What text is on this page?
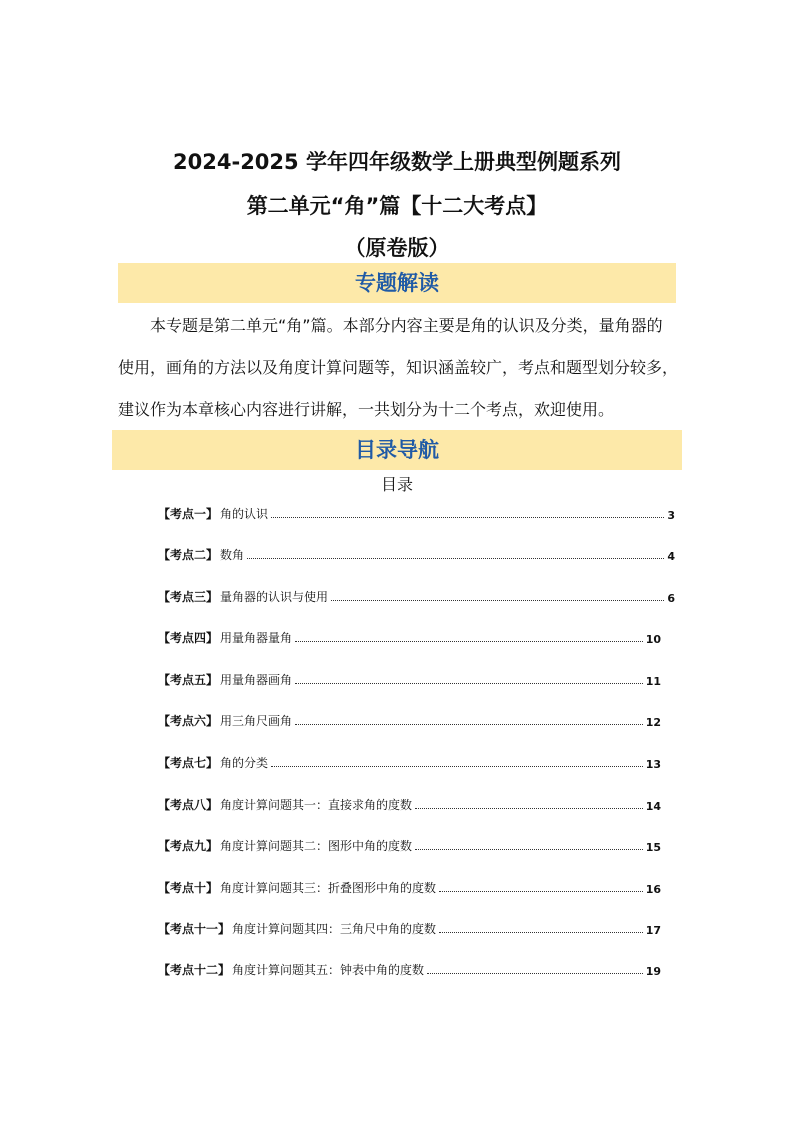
2024-2025 学年四年级数学上册典型例题系列
第二单元“角”篇【十二大考点】
（原卷版）
专题解读
本专题是第二单元“角”篇。本部分内容主要是角的认识及分类，量角器的
使用，画角的方法以及角度计算问题等，知识涵盖较广，考点和题型划分较多，
建议作为本章核心内容进行讲解，一共划分为十二个考点，欢迎使用。
目录导航
目录
【考点一】 角的认识	3
【考点二】 数角	4
【考点三】 量角器的认识与使用	6
【考点四】 用量角器量角	10
【考点五】 用量角器画角	11
【考点六】 用三角尺画角	12
【考点七】 角的分类	13
【考点八】 角度计算问题其一：直接求角的度数	14
【考点九】 角度计算问题其二：图形中角的度数	15
【考点十】 角度计算问题其三：折叠图形中角的度数	16
【考点十一】 角度计算问题其四：三角尺中角的度数	17
【考点十二】 角度计算问题其五：钟表中角的度数	19
